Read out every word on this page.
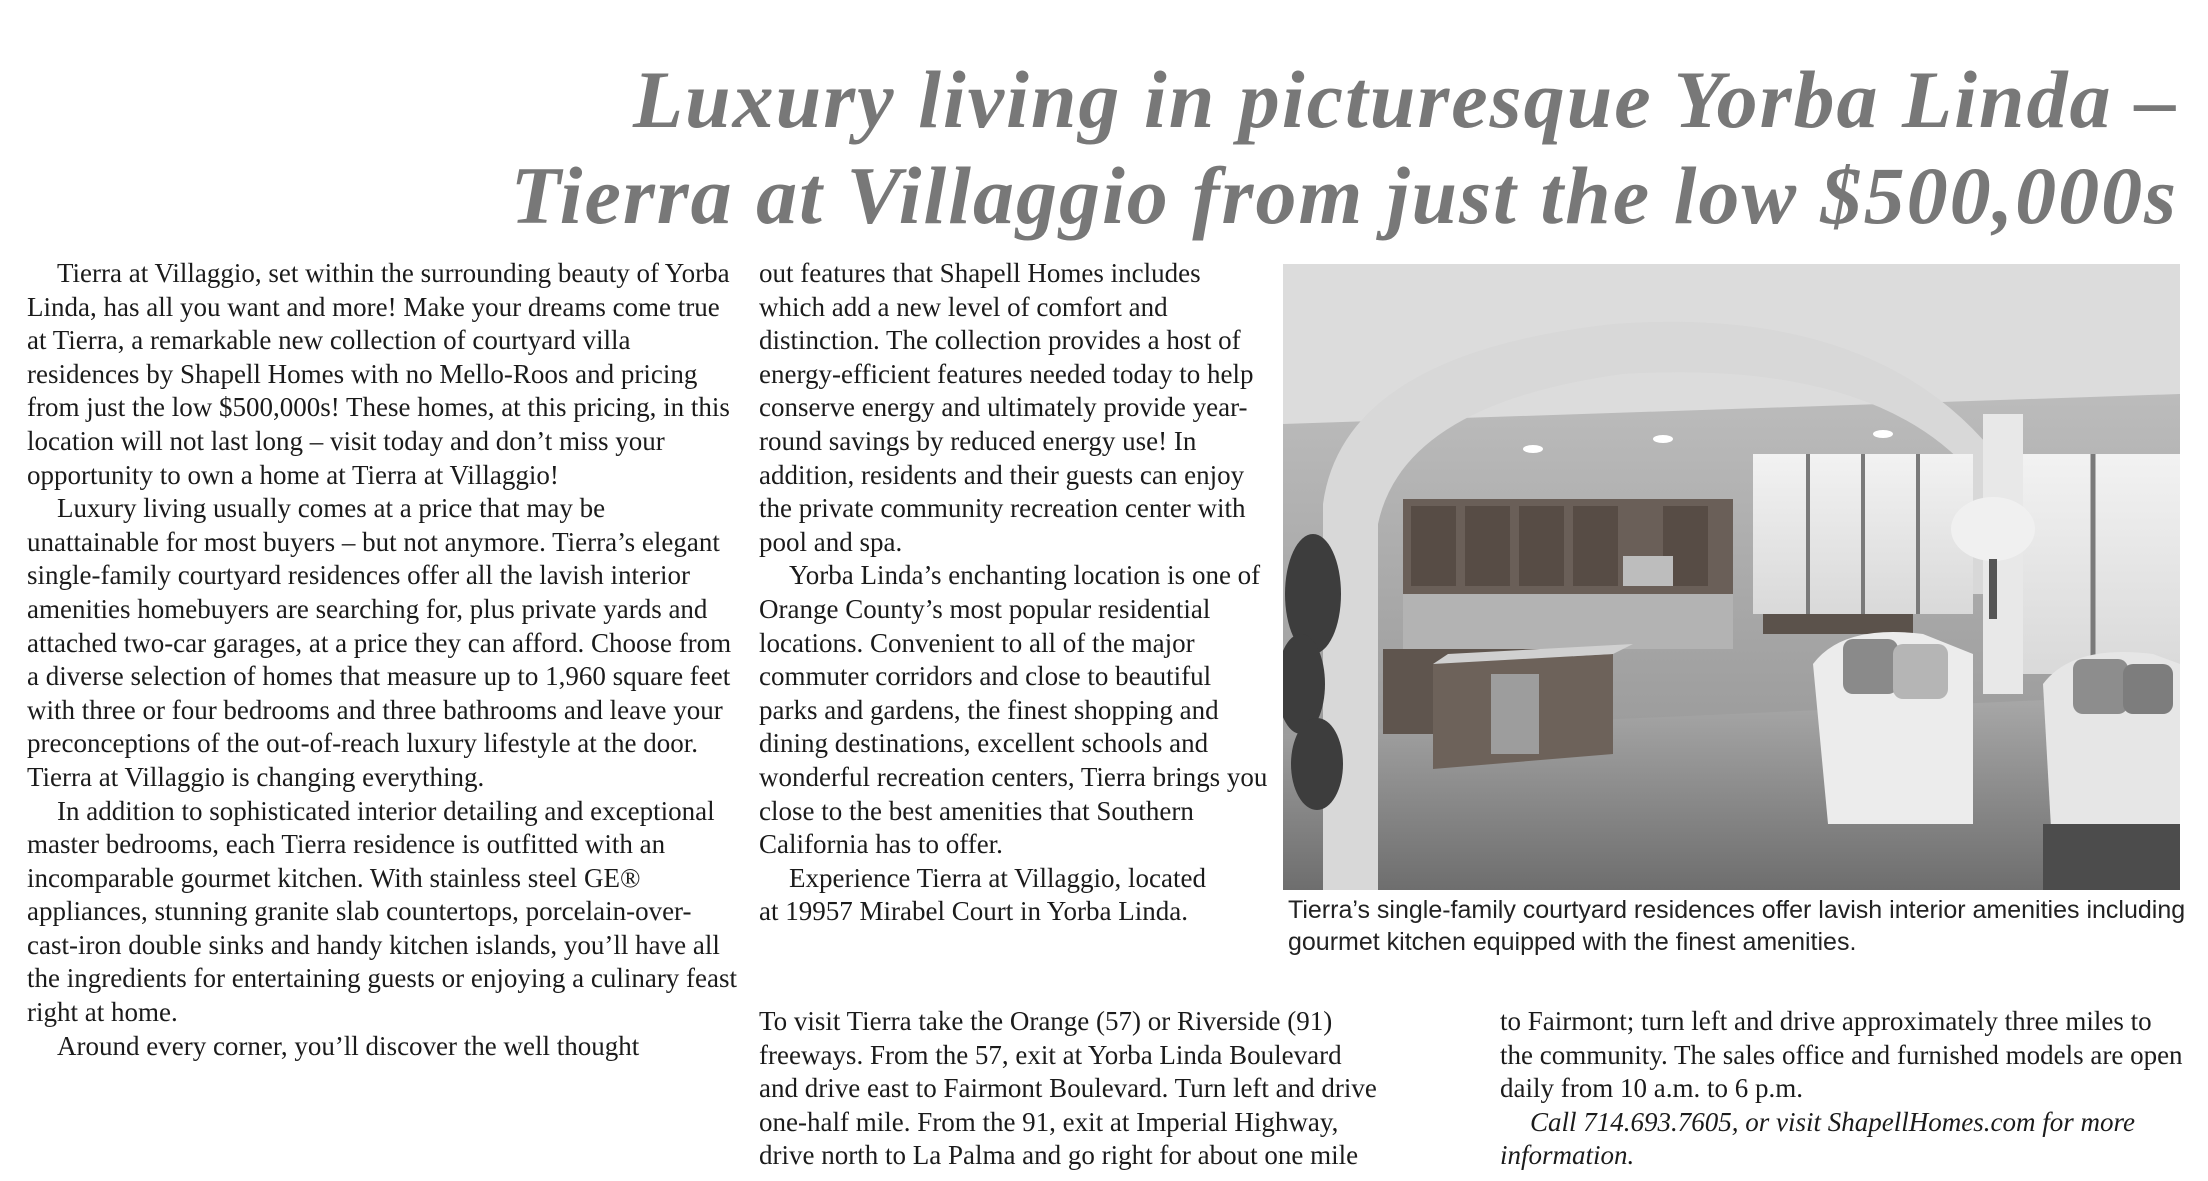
Luxury living in picturesque Yorba Linda –
Tierra at Villaggio from just the low $500,000s

Tierra at Villaggio, set within the surrounding beauty of Yorba Linda, has all you want and more! Make your dreams come true at Tierra, a remarkable new collection of courtyard villa residences by Shapell Homes with no Mello-Roos and pricing from just the low $500,000s! These homes, at this pricing, in this location will not last long – visit today and don’t miss your opportunity to own a home at Tierra at Villaggio!

Luxury living usually comes at a price that may be unattainable for most buyers – but not anymore. Tierra’s elegant single-family courtyard residences offer all the lavish interior amenities homebuyers are searching for, plus private yards and attached two-car garages, at a price they can afford. Choose from a diverse selection of homes that measure up to 1,960 square feet with three or four bedrooms and three bathrooms and leave your preconceptions of the out-of-reach luxury lifestyle at the door. Tierra at Villaggio is changing everything.

In addition to sophisticated interior detailing and exceptional master bedrooms, each Tierra residence is outfitted with an incomparable gourmet kitchen. With stainless steel GE® appliances, stunning granite slab countertops, porcelain-over-cast-iron double sinks and handy kitchen islands, you’ll have all the ingredients for entertaining guests or enjoying a culinary feast right at home.

Around every corner, you’ll discover the well thought

out features that Shapell Homes includes which add a new level of comfort and distinction. The collection provides a host of energy-efficient features needed today to help conserve energy and ultimately provide year-round savings by reduced energy use! In addition, residents and their guests can enjoy the private community recreation center with pool and spa.

Yorba Linda’s enchanting location is one of Orange County’s most popular residential locations. Convenient to all of the major commuter corridors and close to beautiful parks and gardens, the finest shopping and dining destinations, excellent schools and wonderful recreation centers, Tierra brings you close to the best amenities that Southern California has to offer.

Experience Tierra at Villaggio, located

at 19957 Mirabel Court in Yorba Linda.

To visit Tierra take the Orange (57) or Riverside (91)

freeways. From the 57, exit at Yorba Linda Boulevard

and drive east to Fairmont Boulevard. Turn left and drive

one-half mile. From the 91, exit at Imperial Highway,

drive north to La Palma and go right for about one mile

to Fairmont; turn left and drive approximately three miles to the community. The sales office and furnished models are open daily from 10 a.m. to 6 p.m.

Call 714.693.7605, or visit ShapellHomes.com for more information.

Tierra’s single-family courtyard residences offer lavish interior amenities including gourmet kitchen equipped with the finest amenities.
